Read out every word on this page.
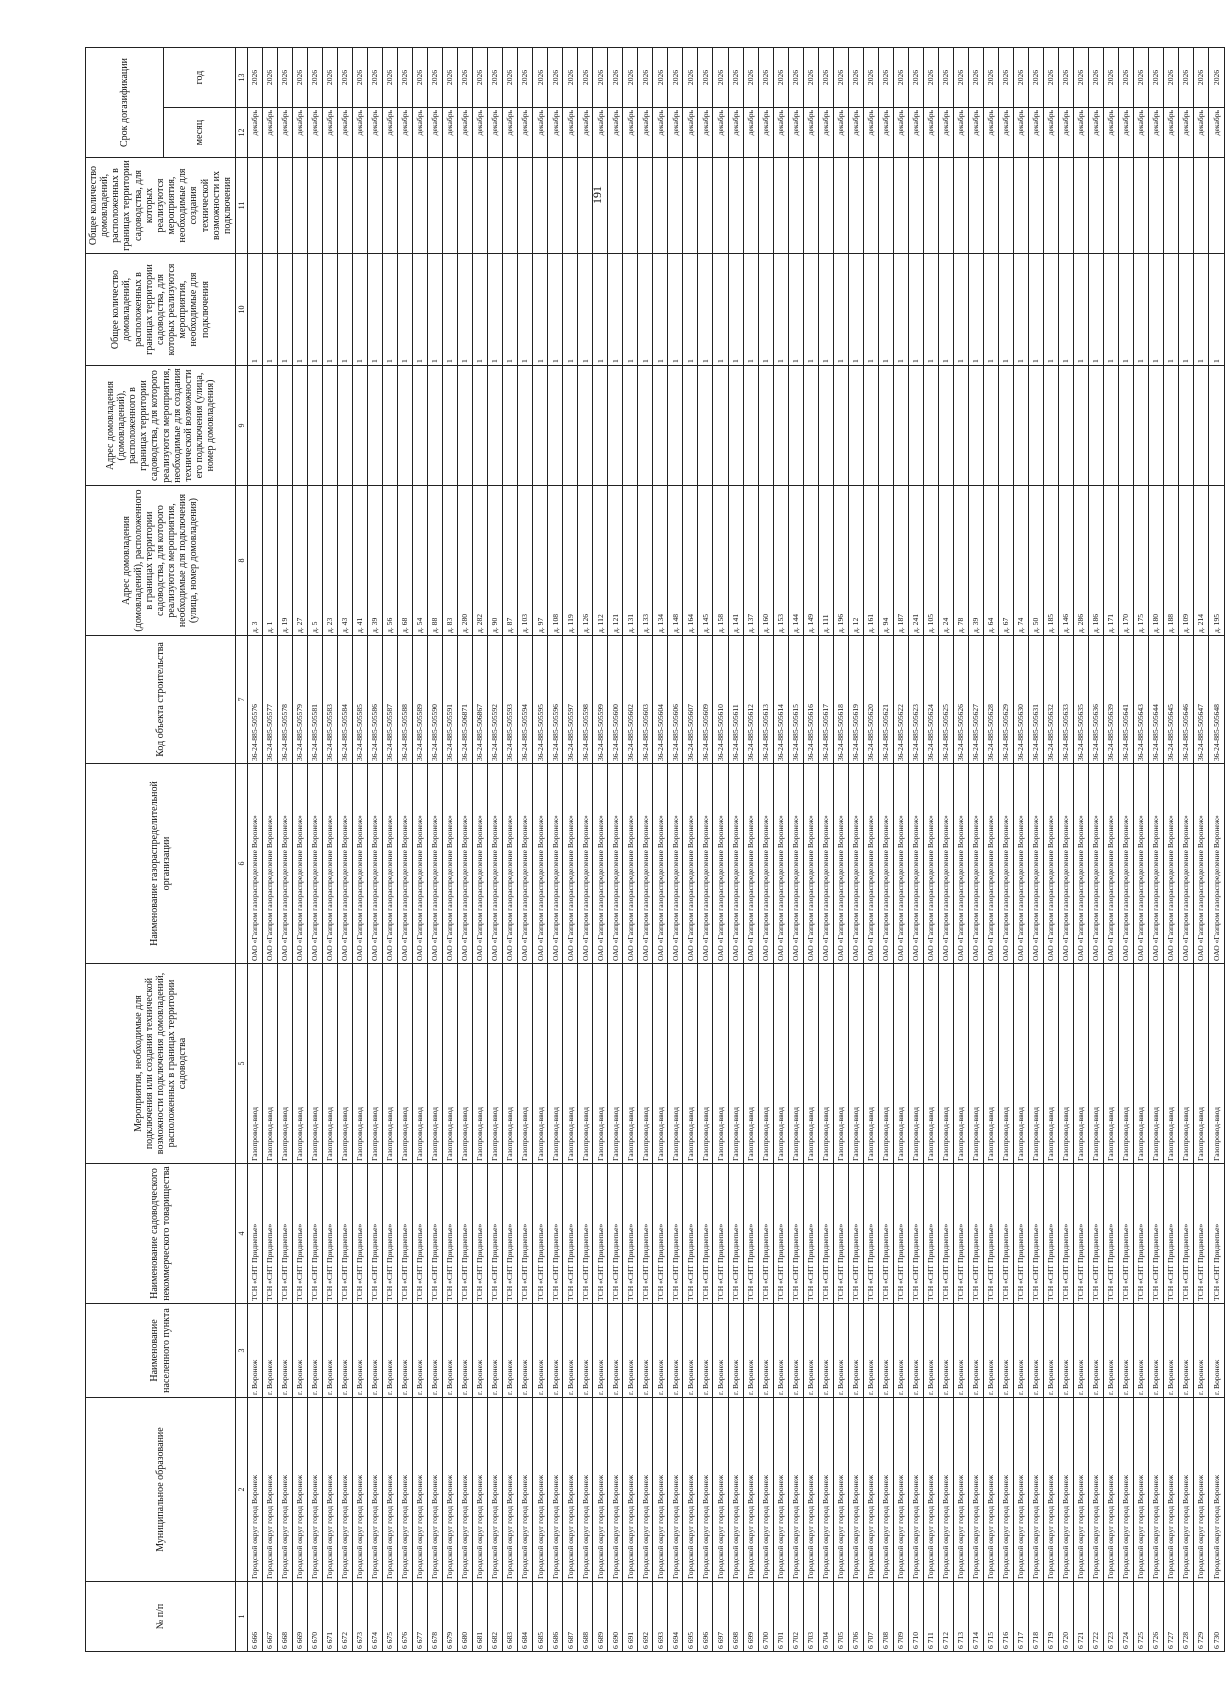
191
№ п/п	Муниципальное образование	Наименование населенного пункта	Наименование садоводческого некоммерческого товарищества	Мероприятия, необходимые для подключения или создания технической возможности подключения домовладений, расположенных в границах территории садоводства	Наименование газораспределительной организации	Код объекта строительства	Адрес домовладения (домовладений), расположенного в границах территории садоводства, для которого реализуются мероприятия, необходимые для подключения (улица, номер домовладения)	Адрес домовладения (домовладений), расположенного в границах территории садоводства, для которого реализуются мероприятия, необходимые для создания технической возможности его подключения (улица, номер домовладения)	Общее количество домовладений, расположенных в границах территории садоводства, для которых реализуются мероприятия, необходимые для подключения	Общее количество домовладений, расположенных в границах территории садоводства, для которых реализуются мероприятия, необходимые для создания технической возможности их подключения	Срок догазификации	
											месяц	год
1	2	3	4	5	6	7	8	9	10	11	12	13
6 666	Городской округ город Воронеж	г. Воронеж	ТСН «СНТ Приднепье»	Газопровод-ввод	ОАО «Газпром газораспределение Воронеж»	36-24-885-505576	д. 3		1		декабрь	2026
6 667	Городской округ город Воронеж	г. Воронеж	ТСН «СНТ Приднепье»	Газопровод-ввод	ОАО «Газпром газораспределение Воронеж»	36-24-885-505577	д. 1		1		декабрь	2026
6 668	Городской округ город Воронеж	г. Воронеж	ТСН «СНТ Приднепье»	Газопровод-ввод	ОАО «Газпром газораспределение Воронеж»	36-24-885-505578	д. 19		1		декабрь	2026
6 669	Городской округ город Воронеж	г. Воронеж	ТСН «СНТ Приднепье»	Газопровод-ввод	ОАО «Газпром газораспределение Воронеж»	36-24-885-505579	д. 27		1		декабрь	2026
6 670	Городской округ город Воронеж	г. Воронеж	ТСН «СНТ Приднепье»	Газопровод-ввод	ОАО «Газпром газораспределение Воронеж»	36-24-885-505581	д. 5		1		декабрь	2026
6 671	Городской округ город Воронеж	г. Воронеж	ТСН «СНТ Приднепье»	Газопровод-ввод	ОАО «Газпром газораспределение Воронеж»	36-24-885-505583	д. 23		1		декабрь	2026
6 672	Городской округ город Воронеж	г. Воронеж	ТСН «СНТ Приднепье»	Газопровод-ввод	ОАО «Газпром газораспределение Воронеж»	36-24-885-505584	д. 43		1		декабрь	2026
6 673	Городской округ город Воронеж	г. Воронеж	ТСН «СНТ Приднепье»	Газопровод-ввод	ОАО «Газпром газораспределение Воронеж»	36-24-885-505585	д. 41		1		декабрь	2026
6 674	Городской округ город Воронеж	г. Воронеж	ТСН «СНТ Приднепье»	Газопровод-ввод	ОАО «Газпром газораспределение Воронеж»	36-24-885-505586	д. 39		1		декабрь	2026
6 675	Городской округ город Воронеж	г. Воронеж	ТСН «СНТ Приднепье»	Газопровод-ввод	ОАО «Газпром газораспределение Воронеж»	36-24-885-505587	д. 56		1		декабрь	2026
6 676	Городской округ город Воронеж	г. Воронеж	ТСН «СНТ Приднепье»	Газопровод-ввод	ОАО «Газпром газораспределение Воронеж»	36-24-885-505588	д. 68		1		декабрь	2026
6 677	Городской округ город Воронеж	г. Воронеж	ТСН «СНТ Приднепье»	Газопровод-ввод	ОАО «Газпром газораспределение Воронеж»	36-24-885-505589	д. 54		1		декабрь	2026
6 678	Городской округ город Воронеж	г. Воронеж	ТСН «СНТ Приднепье»	Газопровод-ввод	ОАО «Газпром газораспределение Воронеж»	36-24-885-505590	д. 88		1		декабрь	2026
6 679	Городской округ город Воронеж	г. Воронеж	ТСН «СНТ Приднепье»	Газопровод-ввод	ОАО «Газпром газораспределение Воронеж»	36-24-885-505591	д. 83		1		декабрь	2026
6 680	Городской округ город Воронеж	г. Воронеж	ТСН «СНТ Приднепье»	Газопровод-ввод	ОАО «Газпром газораспределение Воронеж»	36-24-885-506871	д. 280		1		декабрь	2026
6 681	Городской округ город Воронеж	г. Воронеж	ТСН «СНТ Приднепье»	Газопровод-ввод	ОАО «Газпром газораспределение Воронеж»	36-24-885-506867	д. 282		1		декабрь	2026
6 682	Городской округ город Воронеж	г. Воронеж	ТСН «СНТ Приднепье»	Газопровод-ввод	ОАО «Газпром газораспределение Воронеж»	36-24-885-505592	д. 90		1		декабрь	2026
6 683	Городской округ город Воронеж	г. Воронеж	ТСН «СНТ Приднепье»	Газопровод-ввод	ОАО «Газпром газораспределение Воронеж»	36-24-885-505593	д. 87		1		декабрь	2026
6 684	Городской округ город Воронеж	г. Воронеж	ТСН «СНТ Приднепье»	Газопровод-ввод	ОАО «Газпром газораспределение Воронеж»	36-24-885-505594	д. 103		1		декабрь	2026
6 685	Городской округ город Воронеж	г. Воронеж	ТСН «СНТ Приднепье»	Газопровод-ввод	ОАО «Газпром газораспределение Воронеж»	36-24-885-505595	д. 97		1		декабрь	2026
6 686	Городской округ город Воронеж	г. Воронеж	ТСН «СНТ Приднепье»	Газопровод-ввод	ОАО «Газпром газораспределение Воронеж»	36-24-885-505596	д. 108		1		декабрь	2026
6 687	Городской округ город Воронеж	г. Воронеж	ТСН «СНТ Приднепье»	Газопровод-ввод	ОАО «Газпром газораспределение Воронеж»	36-24-885-505597	д. 119		1		декабрь	2026
6 688	Городской округ город Воронеж	г. Воронеж	ТСН «СНТ Приднепье»	Газопровод-ввод	ОАО «Газпром газораспределение Воронеж»	36-24-885-505598	д. 126		1		декабрь	2026
6 689	Городской округ город Воронеж	г. Воронеж	ТСН «СНТ Приднепье»	Газопровод-ввод	ОАО «Газпром газораспределение Воронеж»	36-24-885-505599	д. 112		1		декабрь	2026
6 690	Городской округ город Воронеж	г. Воронеж	ТСН «СНТ Приднепье»	Газопровод-ввод	ОАО «Газпром газораспределение Воронеж»	36-24-885-505600	д. 121		1		декабрь	2026
6 691	Городской округ город Воронеж	г. Воронеж	ТСН «СНТ Приднепье»	Газопровод-ввод	ОАО «Газпром газораспределение Воронеж»	36-24-885-505602	д. 131		1		декабрь	2026
6 692	Городской округ город Воронеж	г. Воронеж	ТСН «СНТ Приднепье»	Газопровод-ввод	ОАО «Газпром газораспределение Воронеж»	36-24-885-505603	д. 133		1		декабрь	2026
6 693	Городской округ город Воронеж	г. Воронеж	ТСН «СНТ Приднепье»	Газопровод-ввод	ОАО «Газпром газораспределение Воронеж»	36-24-885-505604	д. 134		1		декабрь	2026
6 694	Городской округ город Воронеж	г. Воронеж	ТСН «СНТ Приднепье»	Газопровод-ввод	ОАО «Газпром газораспределение Воронеж»	36-24-885-505606	д. 148		1		декабрь	2026
6 695	Городской округ город Воронеж	г. Воронеж	ТСН «СНТ Приднепье»	Газопровод-ввод	ОАО «Газпром газораспределение Воронеж»	36-24-885-505607	д. 164		1		декабрь	2026
6 696	Городской округ город Воронеж	г. Воронеж	ТСН «СНТ Приднепье»	Газопровод-ввод	ОАО «Газпром газораспределение Воронеж»	36-24-885-505609	д. 145		1		декабрь	2026
6 697	Городской округ город Воронеж	г. Воронеж	ТСН «СНТ Приднепье»	Газопровод-ввод	ОАО «Газпром газораспределение Воронеж»	36-24-885-505610	д. 158		1		декабрь	2026
6 698	Городской округ город Воронеж	г. Воронеж	ТСН «СНТ Приднепье»	Газопровод-ввод	ОАО «Газпром газораспределение Воронеж»	36-24-885-505611	д. 141		1		декабрь	2026
6 699	Городской округ город Воронеж	г. Воронеж	ТСН «СНТ Приднепье»	Газопровод-ввод	ОАО «Газпром газораспределение Воронеж»	36-24-885-505612	д. 137		1		декабрь	2026
6 700	Городской округ город Воронеж	г. Воронеж	ТСН «СНТ Приднепье»	Газопровод-ввод	ОАО «Газпром газораспределение Воронеж»	36-24-885-505613	д. 160		1		декабрь	2026
6 701	Городской округ город Воронеж	г. Воронеж	ТСН «СНТ Приднепье»	Газопровод-ввод	ОАО «Газпром газораспределение Воронеж»	36-24-885-505614	д. 153		1		декабрь	2026
6 702	Городской округ город Воронеж	г. Воронеж	ТСН «СНТ Приднепье»	Газопровод-ввод	ОАО «Газпром газораспределение Воронеж»	36-24-885-505615	д. 144		1		декабрь	2026
6 703	Городской округ город Воронеж	г. Воронеж	ТСН «СНТ Приднепье»	Газопровод-ввод	ОАО «Газпром газораспределение Воронеж»	36-24-885-505616	д. 149		1		декабрь	2026
6 704	Городской округ город Воронеж	г. Воронеж	ТСН «СНТ Приднепье»	Газопровод-ввод	ОАО «Газпром газораспределение Воронеж»	36-24-885-505617	д. 111		1		декабрь	2026
6 705	Городской округ город Воронеж	г. Воронеж	ТСН «СНТ Приднепье»	Газопровод-ввод	ОАО «Газпром газораспределение Воронеж»	36-24-885-505618	д. 196		1		декабрь	2026
6 706	Городской округ город Воронеж	г. Воронеж	ТСН «СНТ Приднепье»	Газопровод-ввод	ОАО «Газпром газораспределение Воронеж»	36-24-885-505619	д. 12		1		декабрь	2026
6 707	Городской округ город Воронеж	г. Воронеж	ТСН «СНТ Приднепье»	Газопровод-ввод	ОАО «Газпром газораспределение Воронеж»	36-24-885-505620	д. 161		1		декабрь	2026
6 708	Городской округ город Воронеж	г. Воронеж	ТСН «СНТ Приднепье»	Газопровод-ввод	ОАО «Газпром газораспределение Воронеж»	36-24-885-505621	д. 94		1		декабрь	2026
6 709	Городской округ город Воронеж	г. Воронеж	ТСН «СНТ Приднепье»	Газопровод-ввод	ОАО «Газпром газораспределение Воронеж»	36-24-885-505622	д. 187		1		декабрь	2026
6 710	Городской округ город Воронеж	г. Воронеж	ТСН «СНТ Приднепье»	Газопровод-ввод	ОАО «Газпром газораспределение Воронеж»	36-24-885-505623	д. 241		1		декабрь	2026
6 711	Городской округ город Воронеж	г. Воронеж	ТСН «СНТ Приднепье»	Газопровод-ввод	ОАО «Газпром газораспределение Воронеж»	36-24-885-505624	д. 105		1		декабрь	2026
6 712	Городской округ город Воронеж	г. Воронеж	ТСН «СНТ Приднепье»	Газопровод-ввод	ОАО «Газпром газораспределение Воронеж»	36-24-885-505625	д. 24		1		декабрь	2026
6 713	Городской округ город Воронеж	г. Воронеж	ТСН «СНТ Приднепье»	Газопровод-ввод	ОАО «Газпром газораспределение Воронеж»	36-24-885-505626	д. 78		1		декабрь	2026
6 714	Городской округ город Воронеж	г. Воронеж	ТСН «СНТ Приднепье»	Газопровод-ввод	ОАО «Газпром газораспределение Воронеж»	36-24-885-505627	д. 39		1		декабрь	2026
6 715	Городской округ город Воронеж	г. Воронеж	ТСН «СНТ Приднепье»	Газопровод-ввод	ОАО «Газпром газораспределение Воронеж»	36-24-885-505628	д. 64		1		декабрь	2026
6 716	Городской округ город Воронеж	г. Воронеж	ТСН «СНТ Приднепье»	Газопровод-ввод	ОАО «Газпром газораспределение Воронеж»	36-24-885-505629	д. 67		1		декабрь	2026
6 717	Городской округ город Воронеж	г. Воронеж	ТСН «СНТ Приднепье»	Газопровод-ввод	ОАО «Газпром газораспределение Воронеж»	36-24-885-505630	д. 74		1		декабрь	2026
6 718	Городской округ город Воронеж	г. Воронеж	ТСН «СНТ Приднепье»	Газопровод-ввод	ОАО «Газпром газораспределение Воронеж»	36-24-885-505631	д. 50		1		декабрь	2026
6 719	Городской округ город Воронеж	г. Воронеж	ТСН «СНТ Приднепье»	Газопровод-ввод	ОАО «Газпром газораспределение Воронеж»	36-24-885-505632	д. 185		1		декабрь	2026
6 720	Городской округ город Воронеж	г. Воронеж	ТСН «СНТ Приднепье»	Газопровод-ввод	ОАО «Газпром газораспределение Воронеж»	36-24-885-505633	д. 146		1		декабрь	2026
6 721	Городской округ город Воронеж	г. Воронеж	ТСН «СНТ Приднепье»	Газопровод-ввод	ОАО «Газпром газораспределение Воронеж»	36-24-885-505635	д. 286		1		декабрь	2026
6 722	Городской округ город Воронеж	г. Воронеж	ТСН «СНТ Приднепье»	Газопровод-ввод	ОАО «Газпром газораспределение Воронеж»	36-24-885-505636	д. 186		1		декабрь	2026
6 723	Городской округ город Воронеж	г. Воронеж	ТСН «СНТ Приднепье»	Газопровод-ввод	ОАО «Газпром газораспределение Воронеж»	36-24-885-505639	д. 171		1		декабрь	2026
6 724	Городской округ город Воронеж	г. Воронеж	ТСН «СНТ Приднепье»	Газопровод-ввод	ОАО «Газпром газораспределение Воронеж»	36-24-885-505641	д. 170		1		декабрь	2026
6 725	Городской округ город Воронеж	г. Воронеж	ТСН «СНТ Приднепье»	Газопровод-ввод	ОАО «Газпром газораспределение Воронеж»	36-24-885-505643	д. 175		1		декабрь	2026
6 726	Городской округ город Воронеж	г. Воронеж	ТСН «СНТ Приднепье»	Газопровод-ввод	ОАО «Газпром газораспределение Воронеж»	36-24-885-505644	д. 180		1		декабрь	2026
6 727	Городской округ город Воронеж	г. Воронеж	ТСН «СНТ Приднепье»	Газопровод-ввод	ОАО «Газпром газораспределение Воронеж»	36-24-885-505645	д. 188		1		декабрь	2026
6 728	Городской округ город Воронеж	г. Воронеж	ТСН «СНТ Приднепье»	Газопровод-ввод	ОАО «Газпром газораспределение Воронеж»	36-24-885-505646	д. 109		1		декабрь	2026
6 729	Городской округ город Воронеж	г. Воронеж	ТСН «СНТ Приднепье»	Газопровод-ввод	ОАО «Газпром газораспределение Воронеж»	36-24-885-505647	д. 214		1		декабрь	2026
6 730	Городской округ город Воронеж	г. Воронеж	ТСН «СНТ Приднепье»	Газопровод-ввод	ОАО «Газпром газораспределение Воронеж»	36-24-885-505648	д. 195		1		декабрь	2026
